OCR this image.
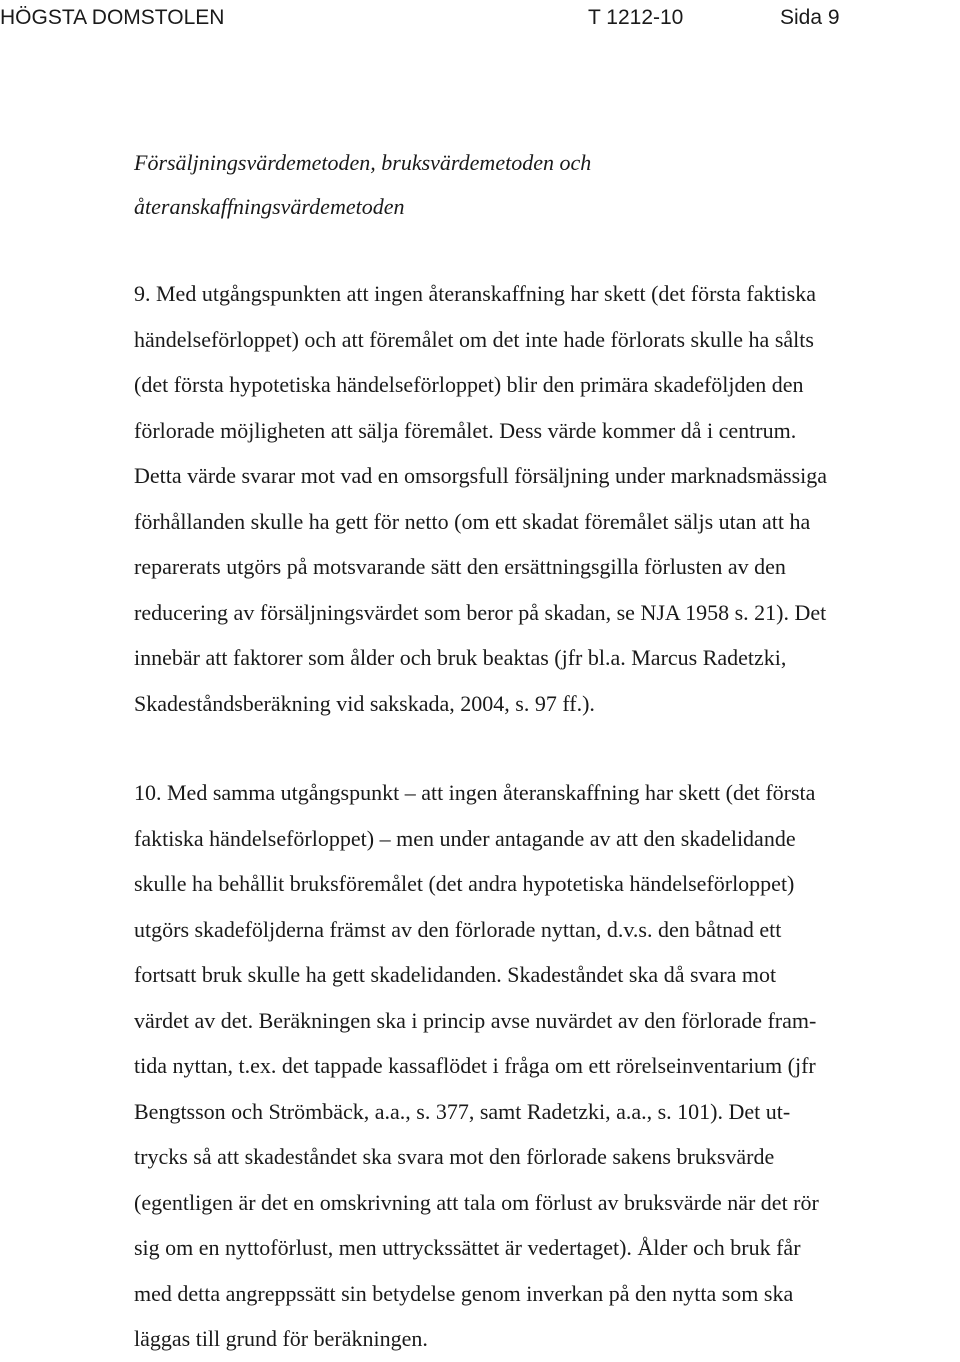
HÖGSTA DOMSTOLEN	T 1212-10	Sida 9
Försäljningsvärdemetoden, bruksvärdemetoden och
återanskaffningsvärdemetoden

9. Med utgångspunkten att ingen återanskaffning har skett (det första faktiska
händelseförloppet) och att föremålet om det inte hade förlorats skulle ha sålts
(det första hypotetiska händelseförloppet) blir den primära skadeföljden den
förlorade möjligheten att sälja föremålet. Dess värde kommer då i centrum.
Detta värde svarar mot vad en omsorgsfull försäljning under marknadsmässiga
förhållanden skulle ha gett för netto (om ett skadat föremålet säljs utan att ha
reparerats utgörs på motsvarande sätt den ersättningsgilla förlusten av den
reducering av försäljningsvärdet som beror på skadan, se NJA 1958 s. 21). Det
innebär att faktorer som ålder och bruk beaktas (jfr bl.a. Marcus Radetzki,
Skadeståndsberäkning vid sakskada, 2004, s. 97 ff.).

10. Med samma utgångspunkt – att ingen återanskaffning har skett (det första
faktiska händelseförloppet) – men under antagande av att den skadelidande
skulle ha behållit bruksföremålet (det andra hypotetiska händelseförloppet)
utgörs skadeföljderna främst av den förlorade nyttan, d.v.s. den båtnad ett
fortsatt bruk skulle ha gett skadelidanden. Skadeståndet ska då svara mot
värdet av det. Beräkningen ska i princip avse nuvärdet av den förlorade fram-
tida nyttan, t.ex. det tappade kassaflödet i fråga om ett rörelseinventarium (jfr
Bengtsson och Strömbäck, a.a., s. 377, samt Radetzki, a.a., s. 101). Det ut-
trycks så att skadeståndet ska svara mot den förlorade sakens bruksvärde
(egentligen är det en omskrivning att tala om förlust av bruksvärde när det rör
sig om en nyttoförlust, men uttryckssättet är vedertaget). Ålder och bruk får
med detta angreppssätt sin betydelse genom inverkan på den nytta som ska
läggas till grund för beräkningen.
